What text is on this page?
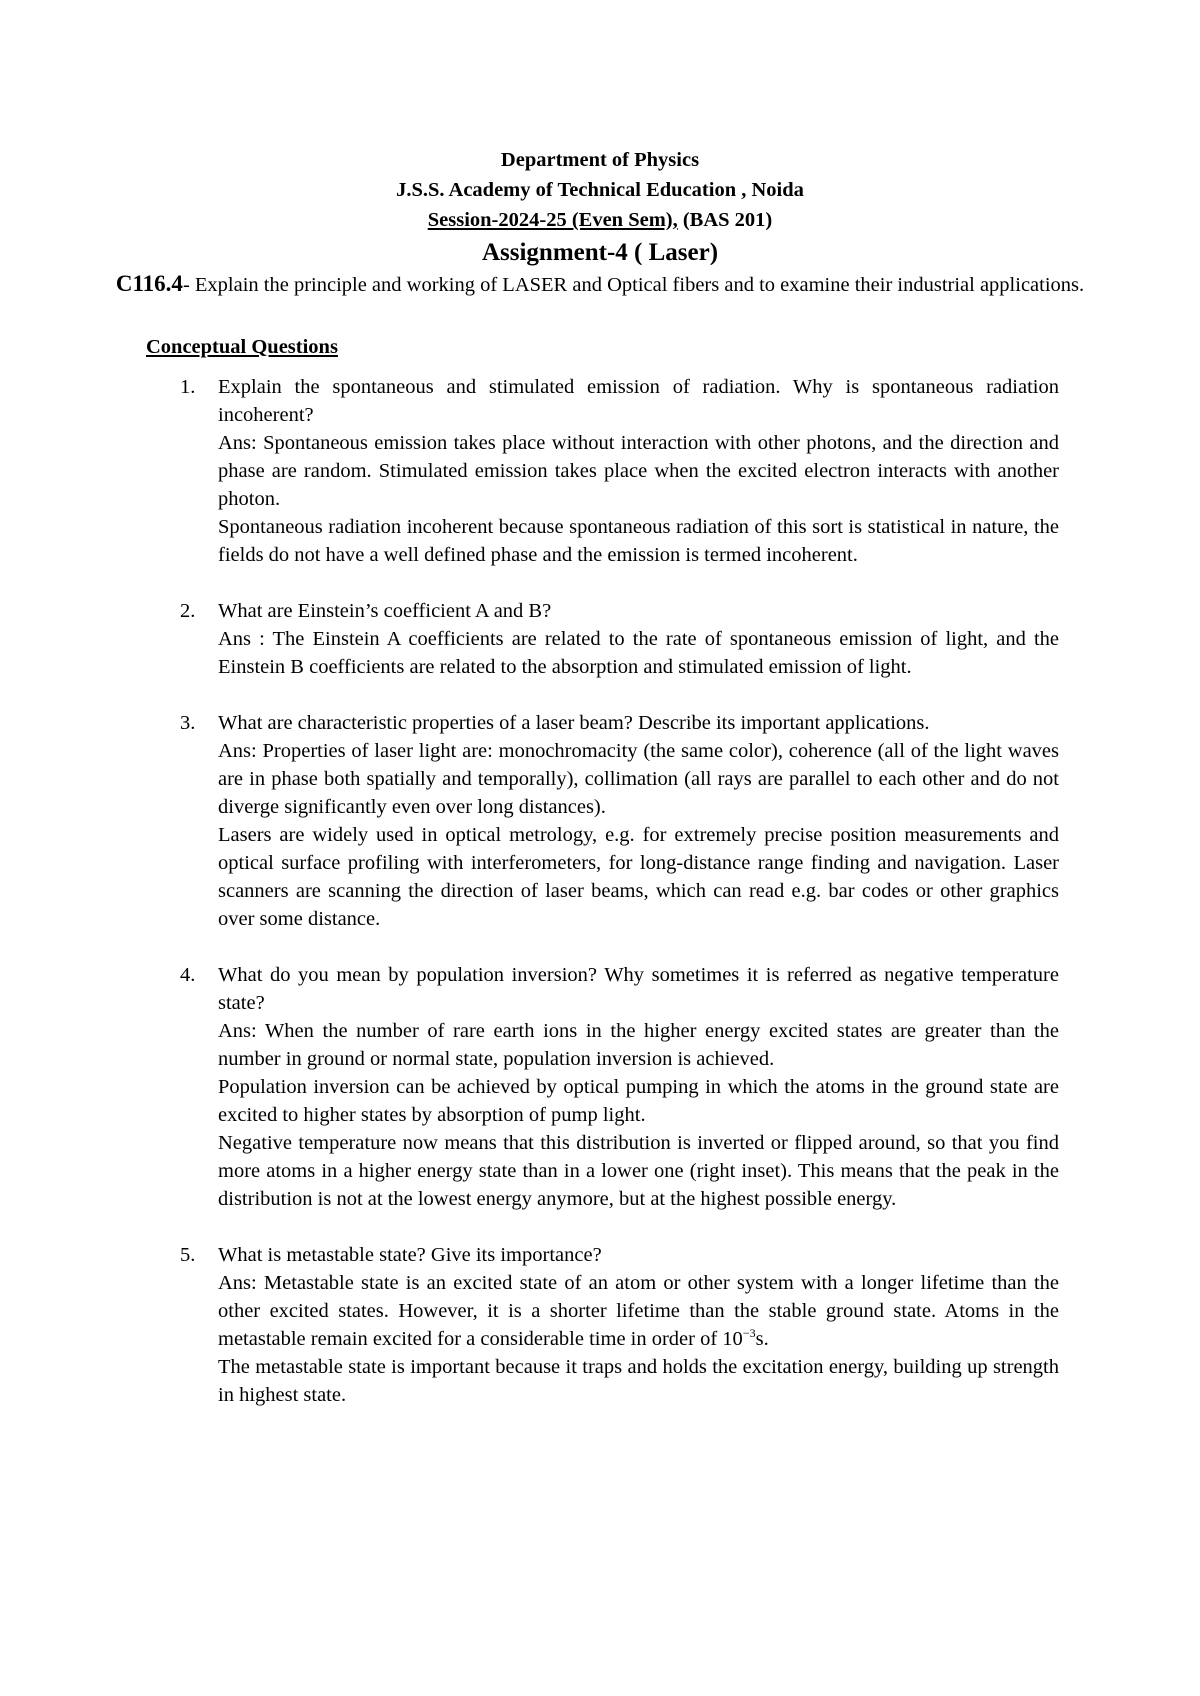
Department of Physics
J.S.S. Academy of Technical Education , Noida
Session-2024-25 (Even Sem), (BAS 201)
Assignment-4 ( Laser)
C116.4- Explain the principle and working of LASER and Optical fibers and to examine their industrial applications.
Conceptual Questions
1. Explain the spontaneous and stimulated emission of radiation. Why is spontaneous radiation incoherent?
Ans: Spontaneous emission takes place without interaction with other photons, and the direction and phase are random. Stimulated emission takes place when the excited electron interacts with another photon.
Spontaneous radiation incoherent because spontaneous radiation of this sort is statistical in nature, the fields do not have a well defined phase and the emission is termed incoherent.
2. What are Einstein’s coefficient A and B?
Ans : The Einstein A coefficients are related to the rate of spontaneous emission of light, and the Einstein B coefficients are related to the absorption and stimulated emission of light.
3. What are characteristic properties of a laser beam? Describe its important applications.
Ans: Properties of laser light are: monochromacity (the same color), coherence (all of the light waves are in phase both spatially and temporally), collimation (all rays are parallel to each other and do not diverge significantly even over long distances).
Lasers are widely used in optical metrology, e.g. for extremely precise position measurements and optical surface profiling with interferometers, for long-distance range finding and navigation. Laser scanners are scanning the direction of laser beams, which can read e.g. bar codes or other graphics over some distance.
4. What do you mean by population inversion? Why sometimes it is referred as negative temperature state?
Ans: When the number of rare earth ions in the higher energy excited states are greater than the number in ground or normal state, population inversion is achieved.
Population inversion can be achieved by optical pumping in which the atoms in the ground state are excited to higher states by absorption of pump light.
Negative temperature now means that this distribution is inverted or flipped around, so that you find more atoms in a higher energy state than in a lower one (right inset). This means that the peak in the distribution is not at the lowest energy anymore, but at the highest possible energy.
5. What is metastable state? Give its importance?
Ans: Metastable state is an excited state of an atom or other system with a longer lifetime than the other excited states. However, it is a shorter lifetime than the stable ground state. Atoms in the metastable remain excited for a considerable time in order of $10^{-3}s$.
The metastable state is important because it traps and holds the excitation energy, building up strength in highest state.
